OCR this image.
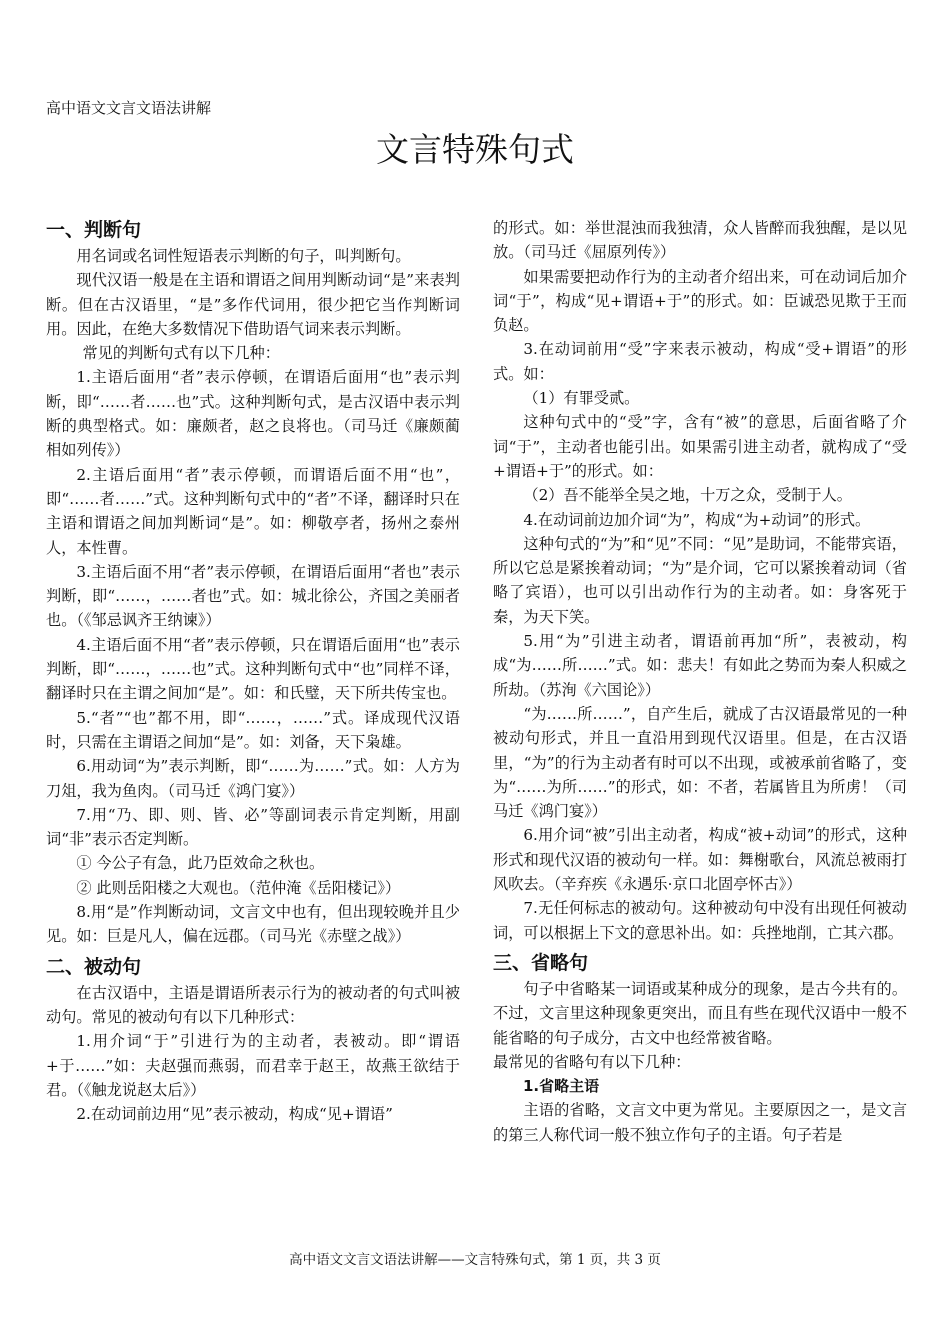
高中语文文言文语法讲解
文言特殊句式
一、判断句

用名词或名词性短语表示判断的句子，叫判断句。

现代汉语一般是在主语和谓语之间用判断动词“是”来表判断。但在古汉语里，“是”多作代词用，很少把它当作判断词用。因此，在绝大多数情况下借助语气词来表示判断。

常见的判断句式有以下几种：

1.主语后面用“者”表示停顿，在谓语后面用“也”表示判断，即“……者……也”式。这种判断句式，是古汉语中表示判断的典型格式。如：廉颇者，赵之良将也。（司马迁《廉颇蔺相如列传》）

2.主语后面用“者”表示停顿，而谓语后面不用“也”，即“……者……”式。这种判断句式中的“者”不译，翻译时只在主语和谓语之间加判断词“是”。如：柳敬亭者，扬州之泰州人，本性曹。

3.主语后面不用“者”表示停顿，在谓语后面用“者也”表示判断，即“……，……者也”式。如：城北徐公，齐国之美丽者也。（《邹忌讽齐王纳谏》）

4.主语后面不用“者”表示停顿，只在谓语后面用“也”表示判断，即“……，……也”式。这种判断句式中“也”同样不译，翻译时只在主谓之间加“是”。如：和氏璧，天下所共传宝也。

5.“者”“也”都不用，即“……，……”式。译成现代汉语时，只需在主谓语之间加“是”。如：刘备，天下枭雄。

6.用动词“为”表示判断，即“……为……”式。如：人方为刀俎，我为鱼肉。（司马迁《鸿门宴》）

7.用“乃、即、则、皆、必”等副词表示肯定判断，用副词“非”表示否定判断。

① 今公子有急，此乃臣效命之秋也。

② 此则岳阳楼之大观也。（范仲淹《岳阳楼记》）

8.用“是”作判断动词，文言文中也有，但出现较晚并且少见。如：巨是凡人，偏在远郡。（司马光《赤壁之战》）

二、被动句

在古汉语中，主语是谓语所表示行为的被动者的句式叫被动句。常见的被动句有以下几种形式：

1.用介词“于”引进行为的主动者，表被动。即“谓语+于……”如：夫赵强而燕弱，而君幸于赵王，故燕王欲结于君。（《触龙说赵太后》）

2.在动词前边用“见”表示被动，构成“见+谓语”

的形式。如：举世混浊而我独清，众人皆醉而我独醒，是以见放。（司马迁《屈原列传》）

如果需要把动作行为的主动者介绍出来，可在动词后加介词“于”，构成“见+谓语+于”的形式。如：臣诚恐见欺于王而负赵。

3.在动词前用“受”字来表示被动，构成“受+谓语”的形式。如：

（1）有罪受贰。

这种句式中的“受”字，含有“被”的意思，后面省略了介词“于”，主动者也能引出。如果需引进主动者，就构成了“受+谓语+于”的形式。如：

（2）吾不能举全吴之地，十万之众，受制于人。

4.在动词前边加介词“为”，构成“为+动词”的形式。

这种句式的“为”和“见”不同：“见”是助词，不能带宾语，所以它总是紧挨着动词；“为”是介词，它可以紧挨着动词（省略了宾语），也可以引出动作行为的主动者。如：身客死于秦，为天下笑。

5.用“为”引进主动者，谓语前再加“所”，表被动，构成“为……所……”式。如：悲夫！有如此之势而为秦人积威之所劫。（苏洵《六国论》）

“为……所……”，自产生后，就成了古汉语最常见的一种被动句形式，并且一直沿用到现代汉语里。但是，在古汉语里，“为”的行为主动者有时可以不出现，或被承前省略了，变为“……为所……”的形式，如：不者，若属皆且为所虏！（司马迁《鸿门宴》）

6.用介词“被”引出主动者，构成“被+动词”的形式，这种形式和现代汉语的被动句一样。如：舞榭歌台，风流总被雨打风吹去。（辛弃疾《永遇乐·京口北固亭怀古》）

7.无任何标志的被动句。这种被动句中没有出现任何被动词，可以根据上下文的意思补出。如：兵挫地削，亡其六郡。

三、省略句

句子中省略某一词语或某种成分的现象，是古今共有的。不过，文言里这种现象更突出，而且有些在现代汉语中一般不能省略的句子成分，古文中也经常被省略。

最常见的省略句有以下几种：

1.省略主语

主语的省略，文言文中更为常见。主要原因之一，是文言的第三人称代词一般不独立作句子的主语。句子若是

高中语文文言文语法讲解——文言特殊句式，第 1 页，共 3 页
